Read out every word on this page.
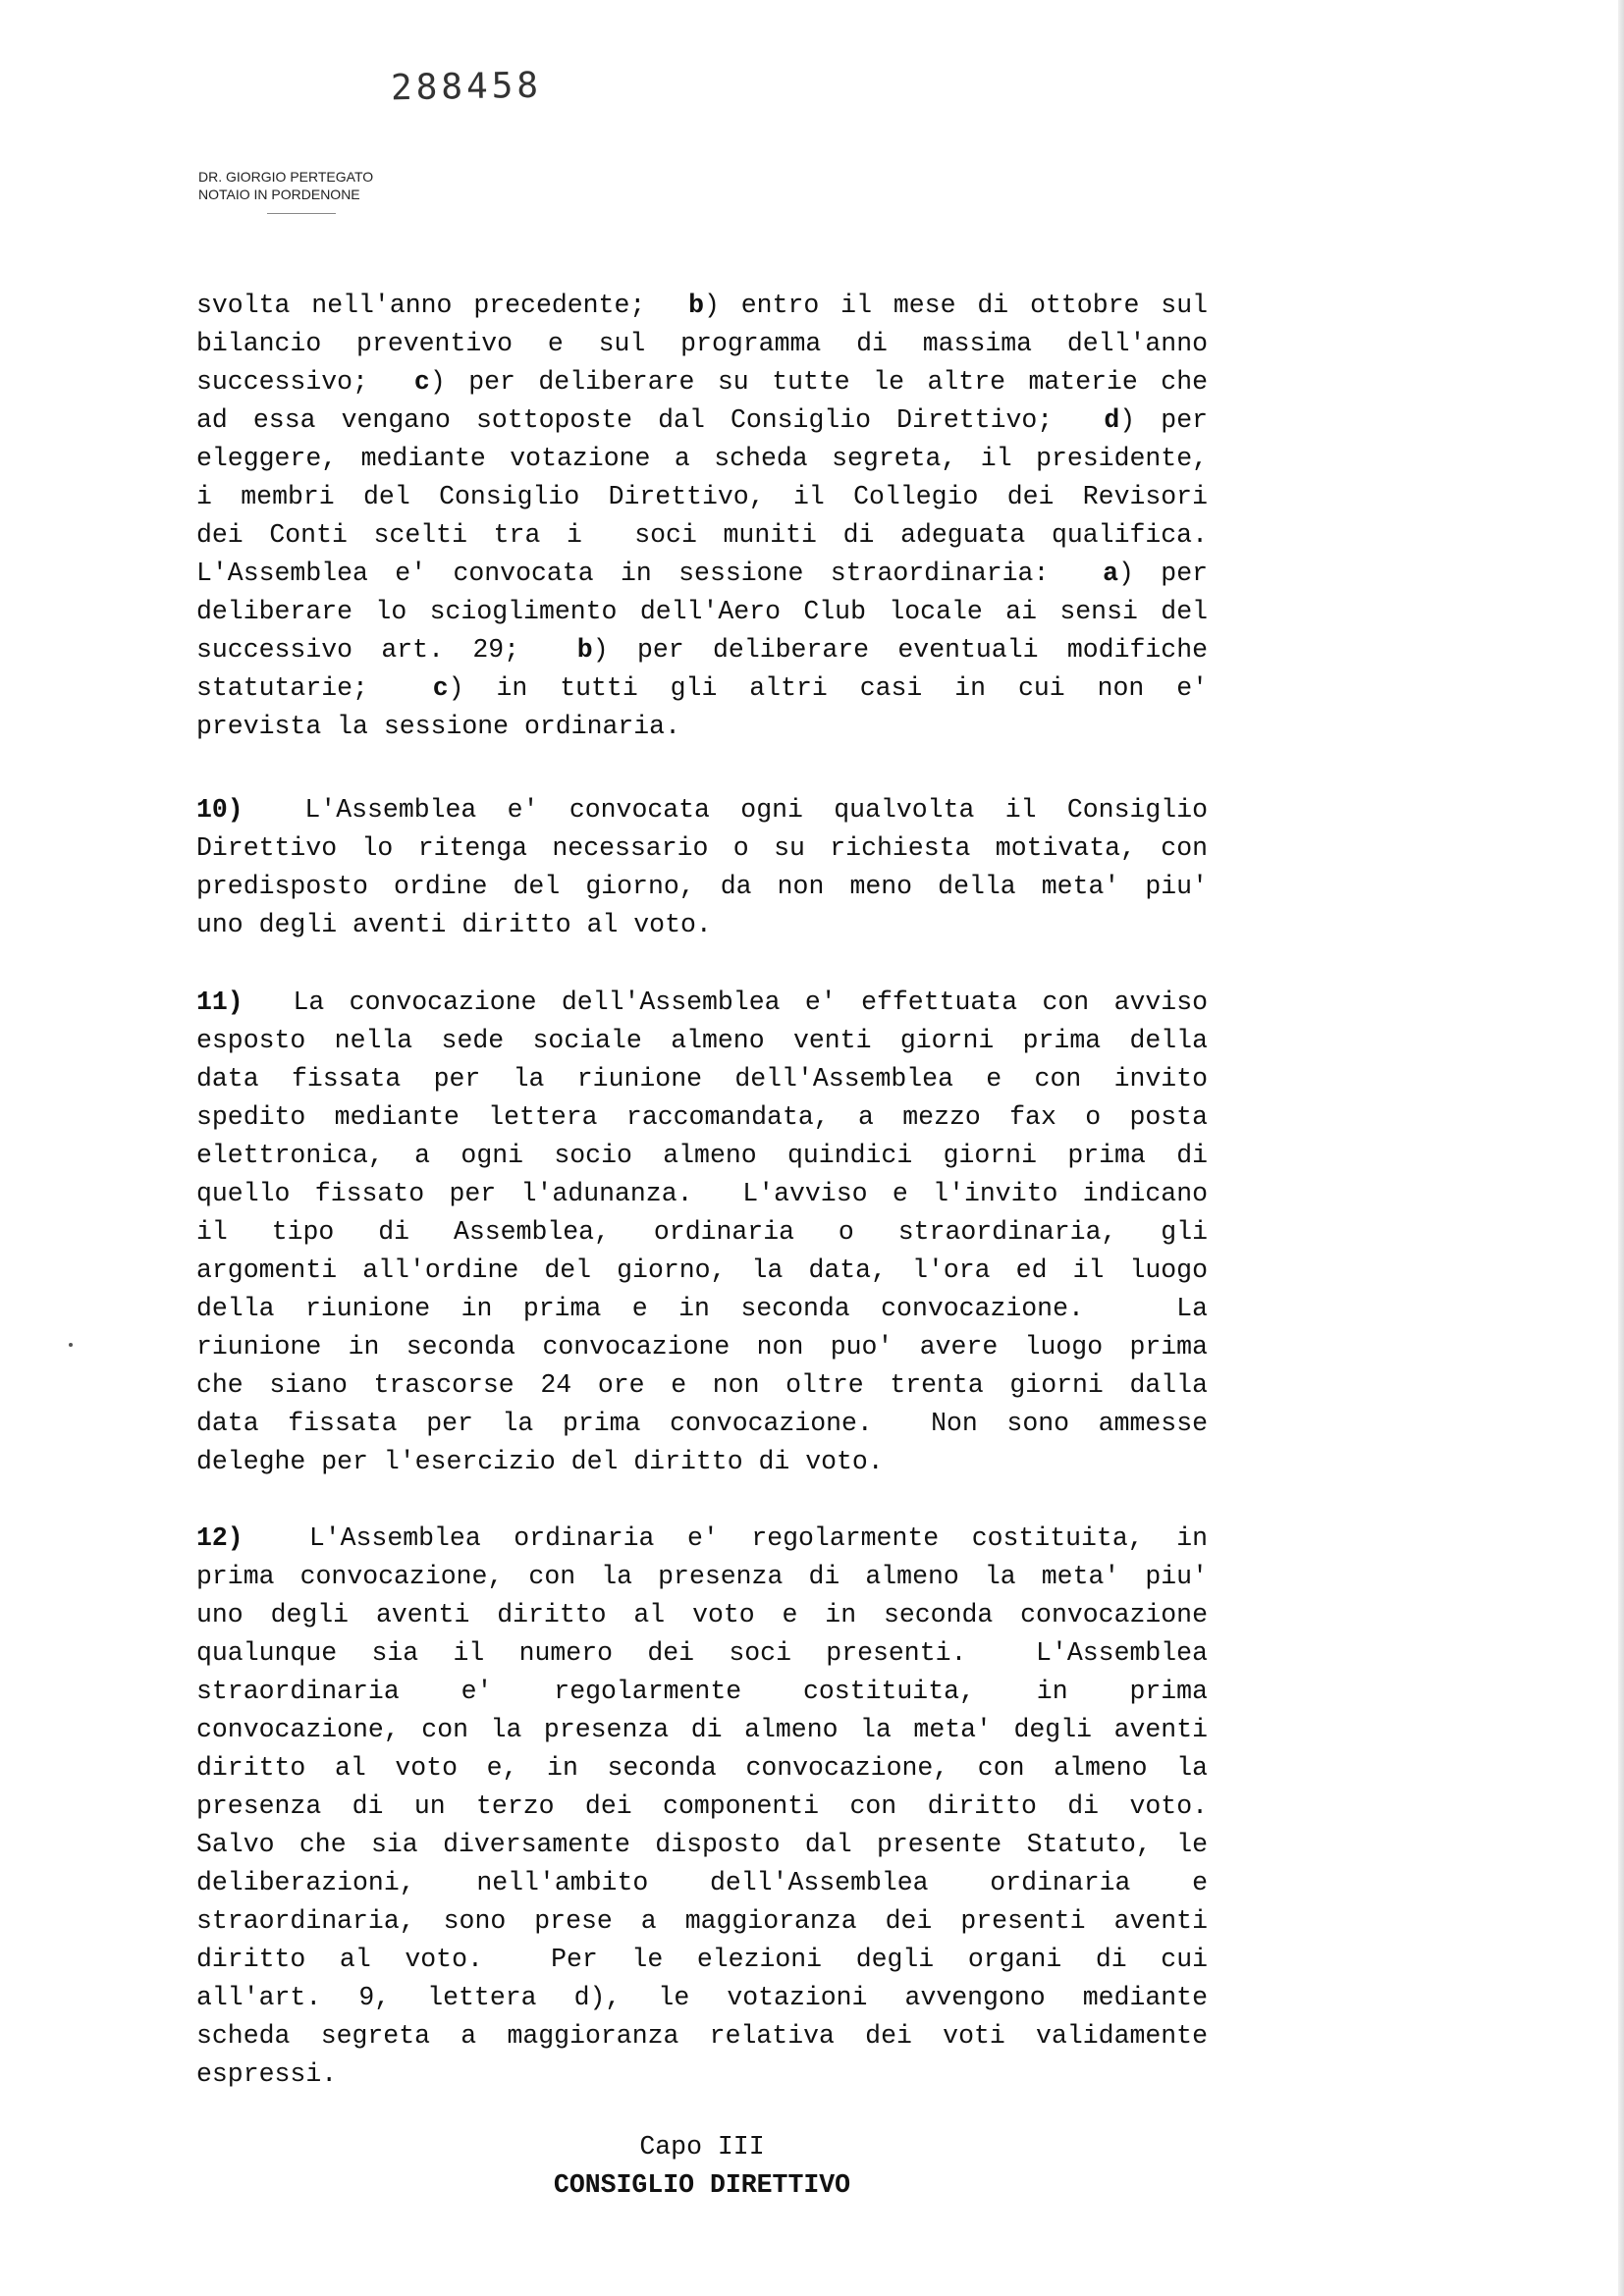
288458
DR. GIORGIO PERTEGATO
NOTAIO IN PORDENONE
svolta nell'anno precedente;  b) entro il mese di ottobre sul
bilancio preventivo e sul programma di massima dell'anno
successivo;  c) per deliberare su tutte le altre materie che
ad essa vengano sottoposte dal Consiglio Direttivo;  d) per
eleggere, mediante votazione a scheda segreta, il presidente,
i membri del Consiglio Direttivo, il Collegio dei Revisori
dei Conti scelti tra i  soci muniti di adeguata qualifica.
L'Assemblea e' convocata in sessione straordinaria:  a) per
deliberare lo scioglimento dell'Aero Club locale ai sensi del
successivo art. 29;  b) per deliberare eventuali modifiche
statutarie;  c) in tutti gli altri casi in cui non e'
prevista la sessione ordinaria.
10)  L'Assemblea e' convocata ogni qualvolta il Consiglio
Direttivo lo ritenga necessario o su richiesta motivata, con
predisposto ordine del giorno, da non meno della meta' piu'
uno degli aventi diritto al voto.
11)  La convocazione dell'Assemblea e' effettuata con avviso
esposto nella sede sociale almeno venti giorni prima della
data fissata per la riunione dell'Assemblea e con invito
spedito mediante lettera raccomandata, a mezzo fax o posta
elettronica, a ogni socio almeno quindici giorni prima di
quello fissato per l'adunanza.  L'avviso e l'invito indicano
il tipo di Assemblea, ordinaria o straordinaria, gli
argomenti all'ordine del giorno, la data, l'ora ed il luogo
della riunione in prima e in seconda convocazione.   La
riunione in seconda convocazione non puo' avere luogo prima
che siano trascorse 24 ore e non oltre trenta giorni dalla
data fissata per la prima convocazione.  Non sono ammesse
deleghe per l'esercizio del diritto di voto.
12)  L'Assemblea ordinaria e' regolarmente costituita, in
prima convocazione, con la presenza di almeno la meta' piu'
uno degli aventi diritto al voto e in seconda convocazione
qualunque sia il numero dei soci presenti.  L'Assemblea
straordinaria e' regolarmente costituita, in prima
convocazione, con la presenza di almeno la meta' degli aventi
diritto al voto e, in seconda convocazione, con almeno la
presenza di un terzo dei componenti con diritto di voto.
Salvo che sia diversamente disposto dal presente Statuto, le
deliberazioni, nell'ambito dell'Assemblea ordinaria e
straordinaria, sono prese a maggioranza dei presenti aventi
diritto al voto.  Per le elezioni degli organi di cui
all'art. 9, lettera d), le votazioni avvengono mediante
scheda segreta a maggioranza relativa dei voti validamente
espressi.
Capo III
CONSIGLIO DIRETTIVO
